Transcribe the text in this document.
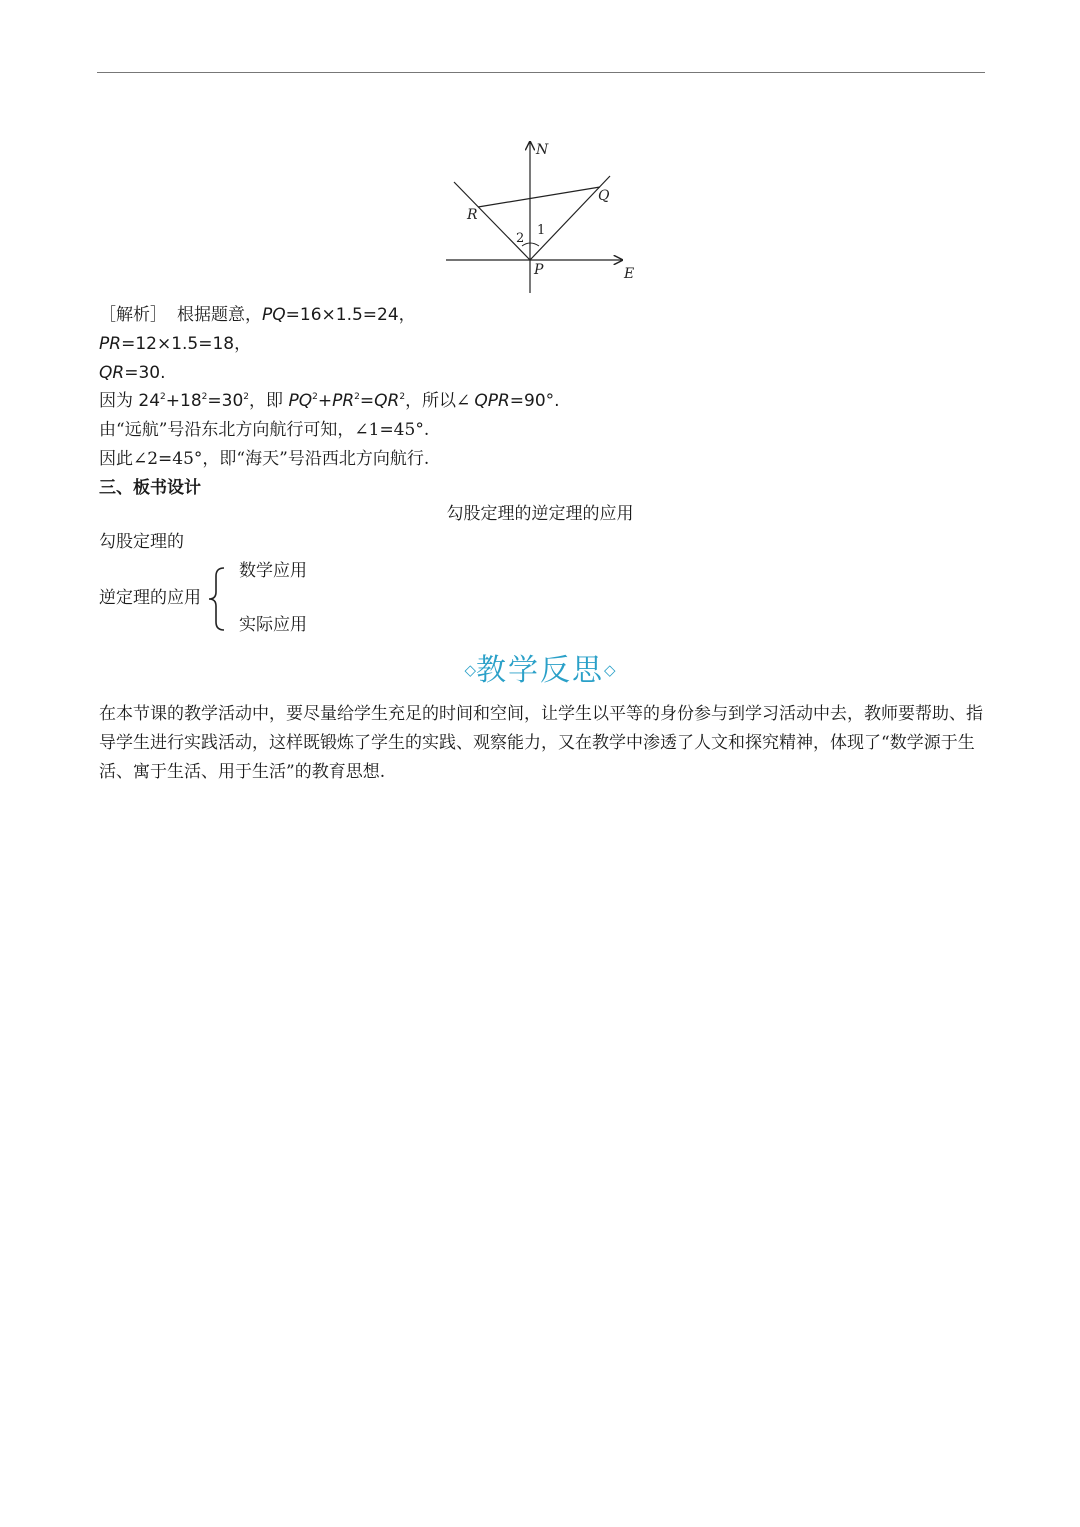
N
E
P
Q
R
1
2
［解析］ 根据题意，PQ=16×1.5=24，
PR=12×1.5=18，
QR=30.
因为 $24^2+18^2=30^2$，即 $PQ^2+PR^2=QR^2$，所以∠ QPR=90°.
由“远航”号沿东北方向航行可知，∠1=45°.
因此∠2=45°，即“海天”号沿西北方向航行.
三、板书设计
勾股定理的逆定理的应用
勾股定理的
逆定理的应用
数学应用
实际应用
◇教学反思◇
在本节课的教学活动中，要尽量给学生充足的时间和空间，让学生以平等的身份参与到学习活动中去，教师要帮助、指导学生进行实践活动，这样既锻炼了学生的实践、观察能力，又在教学中渗透了人文和探究精神，体现了“数学源于生活、寓于生活、用于生活”的教育思想.
